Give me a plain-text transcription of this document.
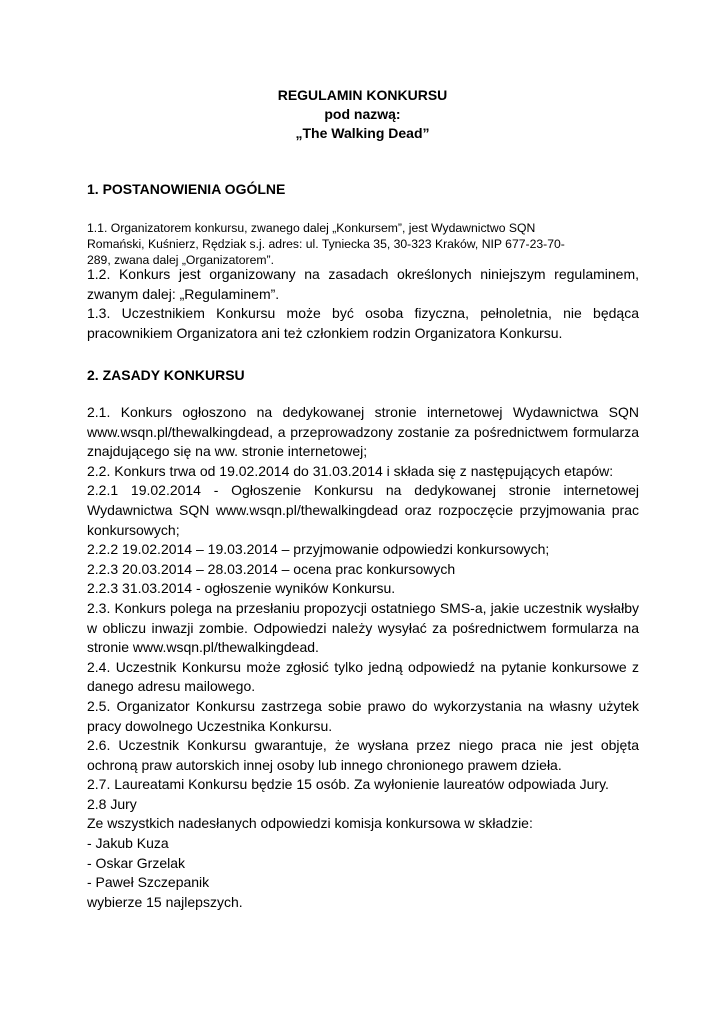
REGULAMIN KONKURSU
pod nazwą:
„The Walking Dead”
1. POSTANOWIENIA OGÓLNE
1.1. Organizatorem konkursu, zwanego dalej „Konkursem”, jest Wydawnictwo SQN
Romański, Kuśnierz, Rędziak s.j. adres: ul. Tyniecka 35, 30-323 Kraków, NIP 677-23-70-
289, zwana dalej „Organizatorem”.

1.2. Konkurs jest organizowany na zasadach określonych niniejszym regulaminem, zwanym dalej: „Regulaminem”.

1.3. Uczestnikiem Konkursu może być osoba fizyczna, pełnoletnia, nie będąca pracownikiem Organizatora ani też członkiem rodzin Organizatora Konkursu.

2. ZASADY KONKURSU

2.1. Konkurs ogłoszono na dedykowanej stronie internetowej Wydawnictwa SQN www.wsqn.pl/thewalkingdead, a przeprowadzony zostanie za pośrednictwem formularza znajdującego się na ww. stronie internetowej;

2.2. Konkurs trwa od 19.02.2014 do 31.03.2014 i składa się z następujących etapów:

2.2.1 19.02.2014 - Ogłoszenie Konkursu na dedykowanej stronie internetowej Wydawnictwa SQN www.wsqn.pl/thewalkingdead oraz rozpoczęcie przyjmowania prac konkursowych;

2.2.2 19.02.2014 – 19.03.2014 – przyjmowanie odpowiedzi konkursowych;
2.2.3 20.03.2014 – 28.03.2014 – ocena prac konkursowych
2.2.3 31.03.2014 - ogłoszenie wyników Konkursu.

2.3. Konkurs polega na przesłaniu propozycji ostatniego SMS-a, jakie uczestnik wysłałby w obliczu inwazji zombie. Odpowiedzi należy wysyłać za pośrednictwem formularza na stronie www.wsqn.pl/thewalkingdead.

2.4. Uczestnik Konkursu może zgłosić tylko jedną odpowiedź na pytanie konkursowe z danego adresu mailowego.

2.5. Organizator Konkursu zastrzega sobie prawo do wykorzystania na własny użytek pracy dowolnego Uczestnika Konkursu.

2.6. Uczestnik Konkursu gwarantuje, że wysłana przez niego praca nie jest objęta ochroną praw autorskich innej osoby lub innego chronionego prawem dzieła.

2.7. Laureatami Konkursu będzie 15 osób. Za wyłonienie laureatów odpowiada Jury.
2.8 Jury
Ze wszystkich nadesłanych odpowiedzi komisja konkursowa w składzie:
- Jakub Kuza
- Oskar Grzelak
- Paweł Szczepanik
wybierze 15 najlepszych.
